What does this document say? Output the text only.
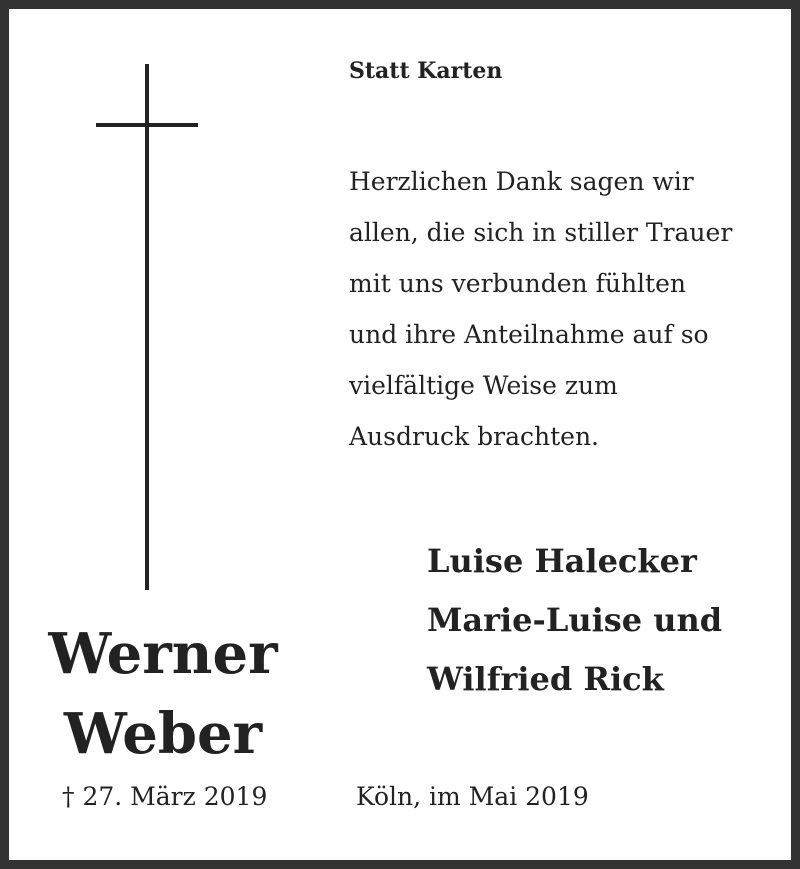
Statt Karten
Herzlichen Dank sagen wir
allen, die sich in stiller Trauer
mit uns verbunden fühlten
und ihre Anteilnahme auf so
vielfältige Weise zum
Ausdruck brachten.
Luise Halecker
Marie-Luise und
Wilfried Rick
Werner
Weber
† 27. März 2019	Köln, im Mai 2019
